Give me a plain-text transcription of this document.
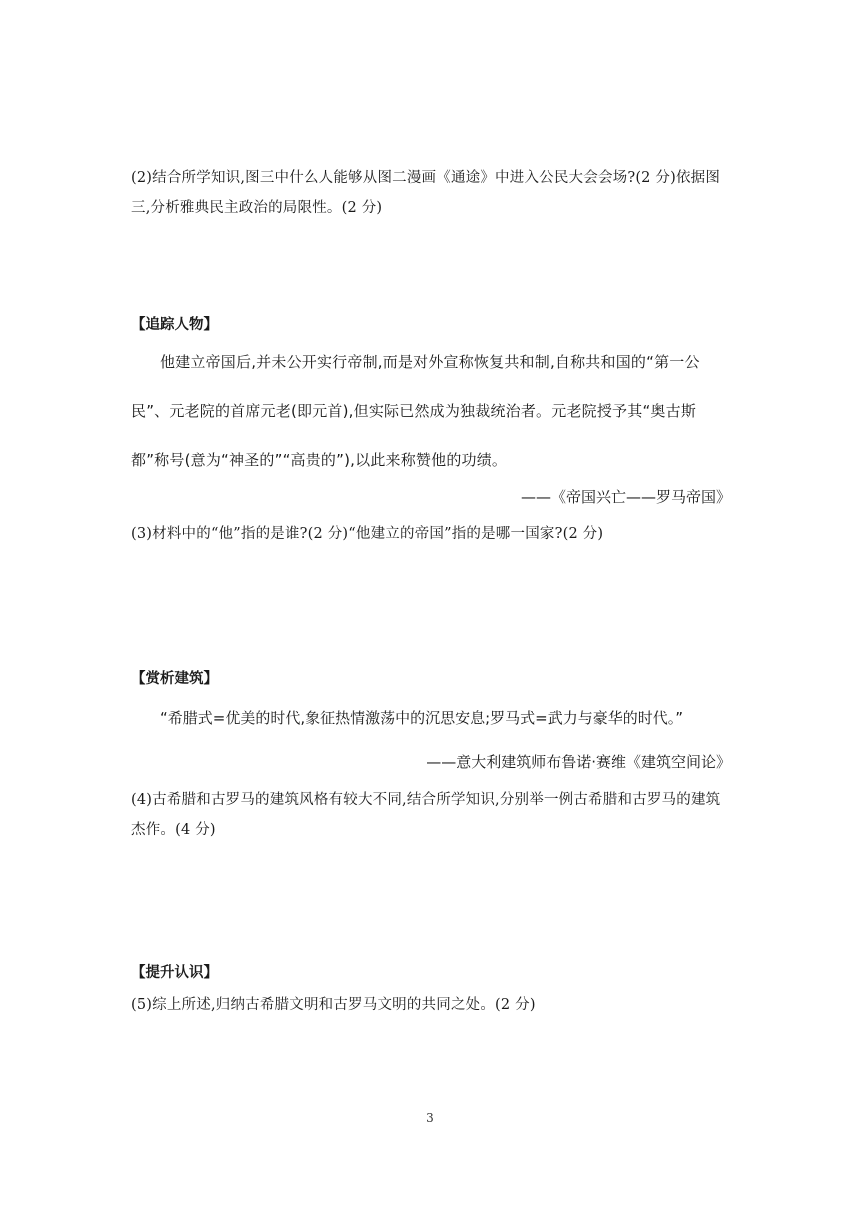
(2)结合所学知识,图三中什么人能够从图二漫画《通途》中进入公民大会会场?(2 分)依据图三,分析雅典民主政治的局限性。(2 分)

【追踪人物】

他建立帝国后,并未公开实行帝制,而是对外宣称恢复共和制,自称共和国的“第一公民”、元老院的首席元老(即元首),但实际已然成为独裁统治者。元老院授予其“奥古斯都”称号(意为“神圣的”“高贵的”),以此来称赞他的功绩。

——《帝国兴亡——罗马帝国》

(3)材料中的“他”指的是谁?(2 分)“他建立的帝国”指的是哪一国家?(2 分)

【赏析建筑】
“希腊式=优美的时代,象征热情激荡中的沉思安息;罗马式=武力与豪华的时代。”
——意大利建筑师布鲁诺·赛维《建筑空间论》

(4)古希腊和古罗马的建筑风格有较大不同,结合所学知识,分别举一例古希腊和古罗马的建筑杰作。(4 分)

【提升认识】

(5)综上所述,归纳古希腊文明和古罗马文明的共同之处。(2 分)

3
